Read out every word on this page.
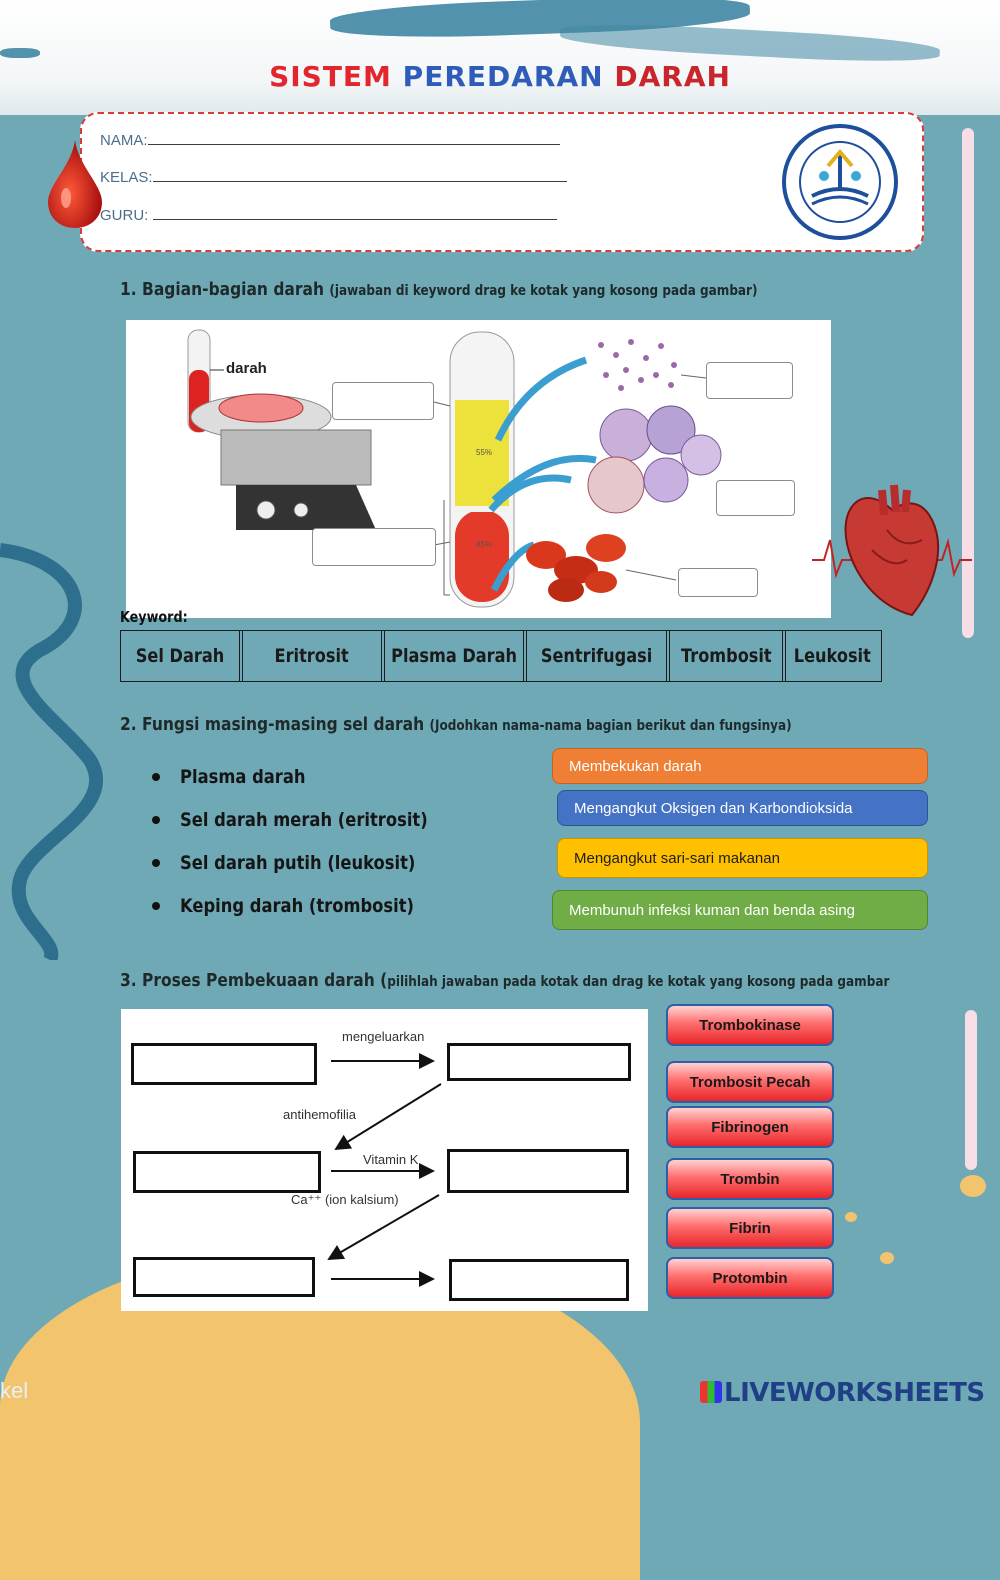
SISTEM PEREDARAN DARAH
NAMA:
KELAS:
GURU:
1. Bagian-bagian darah (jawaban di keyword drag ke kotak yang kosong pada gambar)
darah
55%
45%
Keyword:
Sel Darah	Eritrosit Plasma Darah Sentrifugasi Trombosit Leukosit
2. Fungsi masing-masing sel darah (Jodohkan nama-nama bagian berikut dan fungsinya)
Plasma darah
Sel darah merah (eritrosit)
Sel darah putih (leukosit)
Keping darah (trombosit)
Membekukan darah
Mengangkut Oksigen dan Karbondioksida
Mengangkut sari-sari makanan
Membunuh infeksi kuman dan benda asing
3. Proses Pembekuaan darah (pilihlah jawaban pada kotak dan drag ke kotak yang kosong pada gambar
mengeluarkan
antihemofilia
Vitamin K
Ca⁺⁺ (ion kalsium)
Trombokinase
Trombosit Pecah
Fibrinogen
Trombin
Fibrin
Protombin
kel	LIVEWORKSHEETS
